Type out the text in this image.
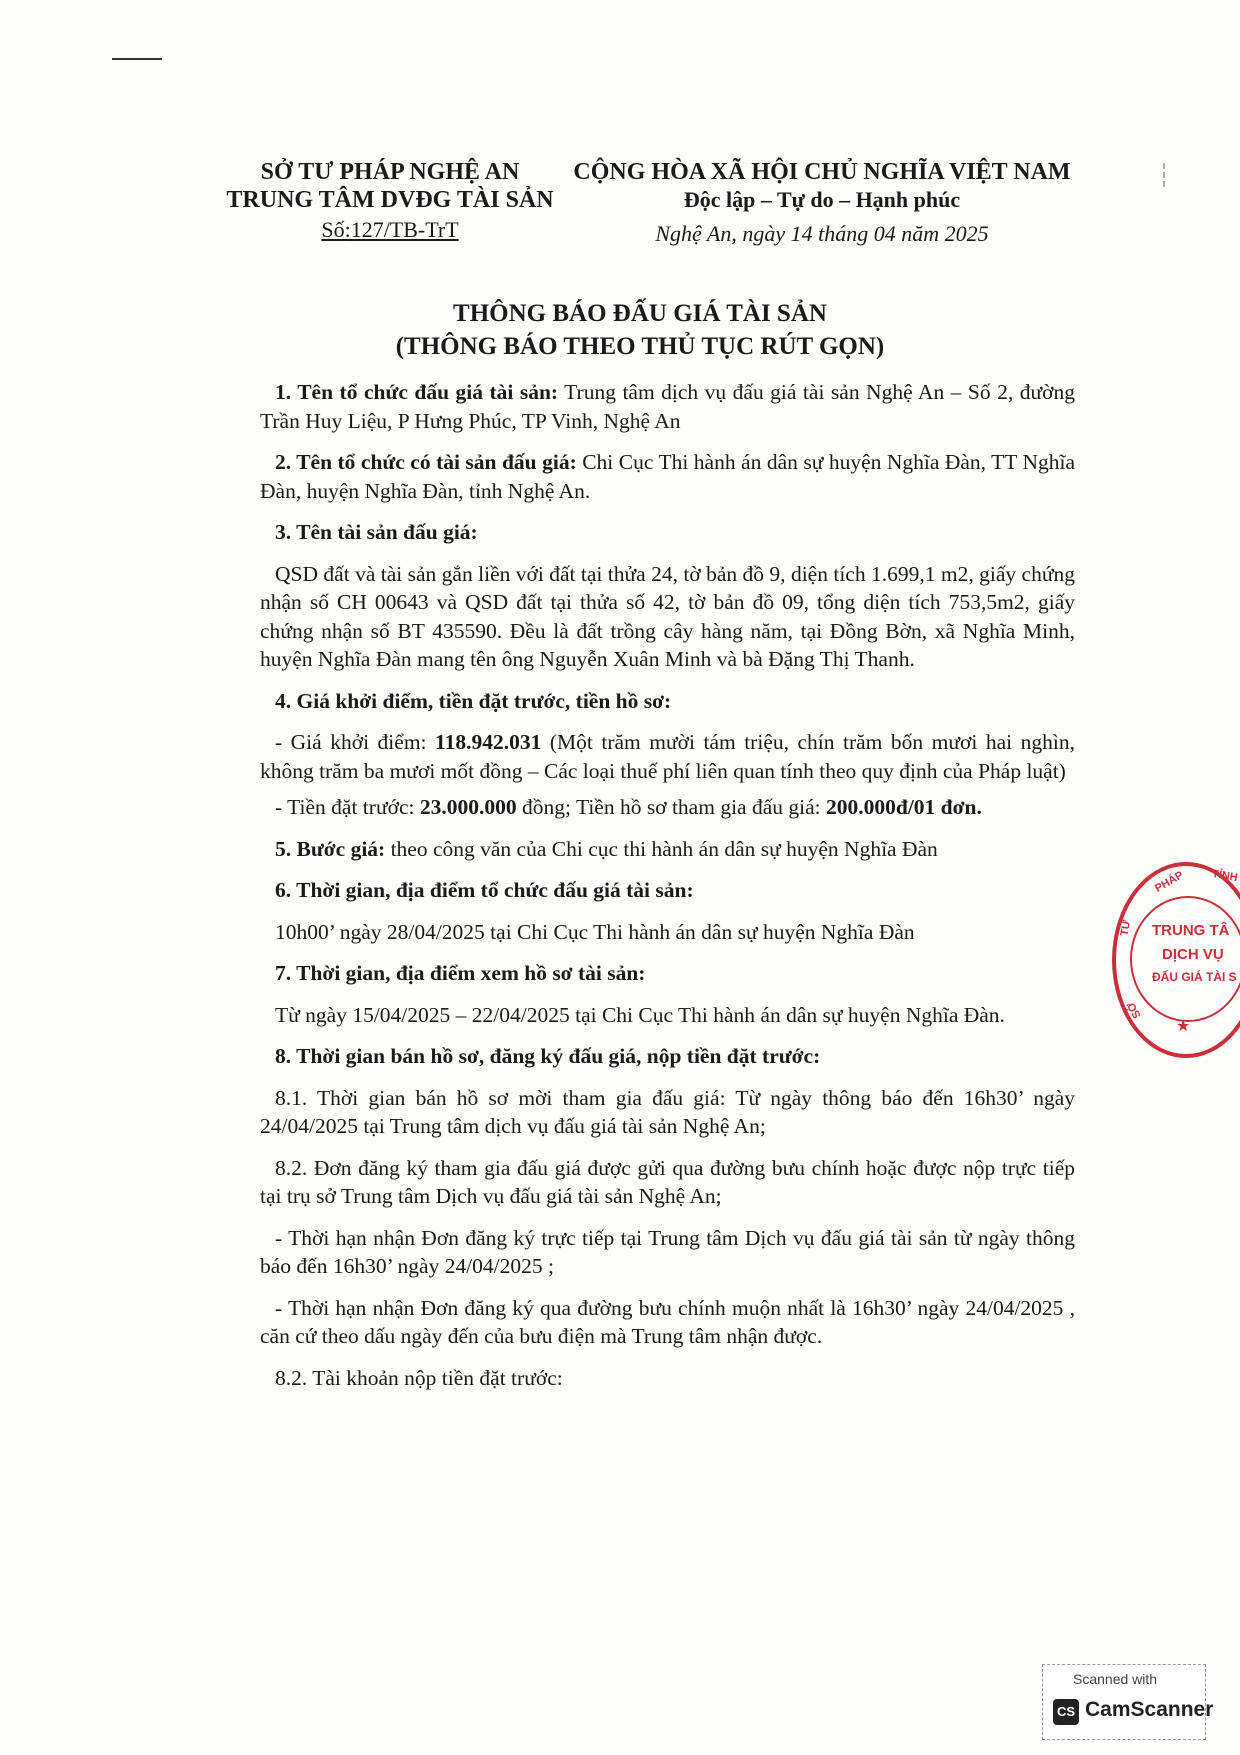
SỞ TƯ PHÁP NGHỆ AN
TRUNG TÂM DVĐG TÀI SẢN
Số:127/TB-TrT
CỘNG HÒA XÃ HỘI CHỦ NGHĨA VIỆT NAM
Độc lập – Tự do – Hạnh phúc
Nghệ An, ngày 14 tháng 04 năm 2025
THÔNG BÁO ĐẤU GIÁ TÀI SẢN
(THÔNG BÁO THEO THỦ TỤC RÚT GỌN)

1. Tên tổ chức đấu giá tài sản: Trung tâm dịch vụ đấu giá tài sản Nghệ An – Số 2, đường Trần Huy Liệu, P Hưng Phúc, TP Vinh, Nghệ An

2. Tên tổ chức có tài sản đấu giá: Chi Cục Thi hành án dân sự huyện Nghĩa Đàn, TT Nghĩa Đàn, huyện Nghĩa Đàn, tỉnh Nghệ An.

3. Tên tài sản đấu giá:

QSD đất và tài sản gắn liền với đất tại thửa 24, tờ bản đồ 9, diện tích 1.699,1 m2, giấy chứng nhận số CH 00643 và QSD đất tại thửa số 42, tờ bản đồ 09, tổng diện tích 753,5m2, giấy chứng nhận số BT 435590. Đều là đất trồng cây hàng năm, tại Đồng Bờn, xã Nghĩa Minh, huyện Nghĩa Đàn mang tên ông Nguyễn Xuân Minh và bà Đặng Thị Thanh.

4. Giá khởi điểm, tiền đặt trước, tiền hồ sơ:

- Giá khởi điểm: 118.942.031 (Một trăm mười tám triệu, chín trăm bốn mươi hai nghìn, không trăm ba mươi mốt đồng – Các loại thuế phí liên quan tính theo quy định của Pháp luật)

- Tiền đặt trước: 23.000.000 đồng; Tiền hồ sơ tham gia đấu giá: 200.000đ/01 đơn.

5. Bước giá: theo công văn của Chi cục thi hành án dân sự huyện Nghĩa Đàn

6. Thời gian, địa điểm tổ chức đấu giá tài sản:

10h00’ ngày 28/04/2025 tại Chi Cục Thi hành án dân sự huyện Nghĩa Đàn

7. Thời gian, địa điểm xem hồ sơ tài sản:

Từ ngày 15/04/2025 – 22/04/2025 tại Chi Cục Thi hành án dân sự huyện Nghĩa Đàn.

8. Thời gian bán hồ sơ, đăng ký đấu giá, nộp tiền đặt trước:

8.1. Thời gian bán hồ sơ mời tham gia đấu giá: Từ ngày thông báo đến 16h30’ ngày 24/04/2025 tại Trung tâm dịch vụ đấu giá tài sản Nghệ An;

8.2. Đơn đăng ký tham gia đấu giá được gửi qua đường bưu chính hoặc được nộp trực tiếp tại trụ sở Trung tâm Dịch vụ đấu giá tài sản Nghệ An;

- Thời hạn nhận Đơn đăng ký trực tiếp tại Trung tâm Dịch vụ đấu giá tài sản từ ngày thông báo đến 16h30’ ngày 24/04/2025 ;

- Thời hạn nhận Đơn đăng ký qua đường bưu chính muộn nhất là 16h30’ ngày 24/04/2025 , căn cứ theo dấu ngày đến của bưu điện mà Trung tâm nhận được.

8.2. Tài khoản nộp tiền đặt trước:

PHÁP TỈNH
TƯ
SỞ
TRUNG TÂ
DỊCH VỤ
ĐẤU GIÁ TÀI S
★
Scanned with
CS CamScanner
